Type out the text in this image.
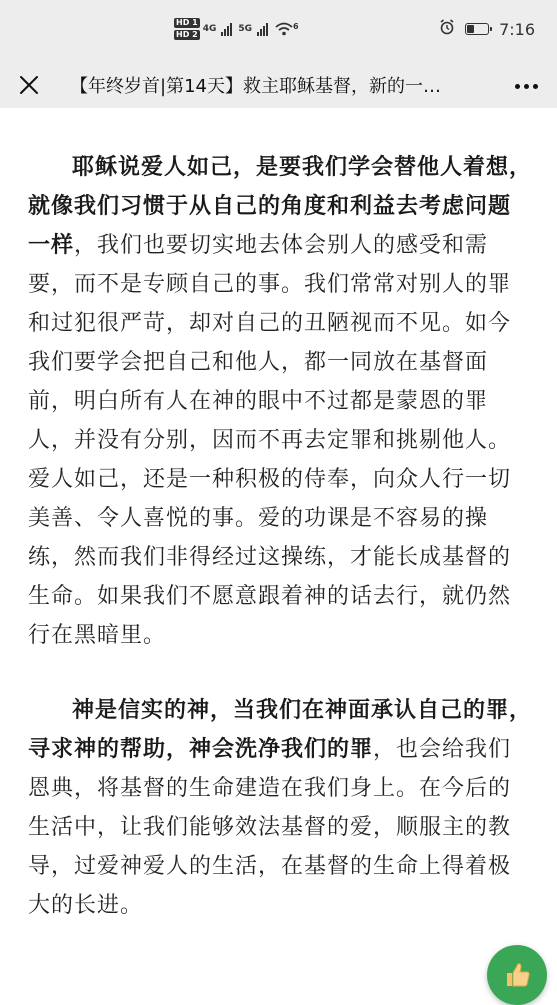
HD 1
HD 2
4G 5G	6	7:16
【年终岁首|第14天】救主耶稣基督，新的一…

耶稣说爱人如己，是要我们学会替他人着想，就像我们习惯于从自己的角度和利益去考虑问题一样，我们也要切实地去体会别人的感受和需要，而不是专顾自己的事。我们常常对别人的罪和过犯很严苛，却对自己的丑陋视而不见。如今我们要学会把自己和他人，都一同放在基督面前，明白所有人在神的眼中不过都是蒙恩的罪人，并没有分别，因而不再去定罪和挑剔他人。爱人如己，还是一种积极的侍奉，向众人行一切美善、令人喜悦的事。爱的功课是不容易的操练，然而我们非得经过这操练，才能长成基督的生命。如果我们不愿意跟着神的话去行，就仍然行在黑暗里。

神是信实的神，当我们在神面承认自己的罪，寻求神的帮助，神会洗净我们的罪，也会给我们恩典，将基督的生命建造在我们身上。在今后的生活中，让我们能够效法基督的爱，顺服主的教导，过爱神爱人的生活，在基督的生命上得着极大的长进。
